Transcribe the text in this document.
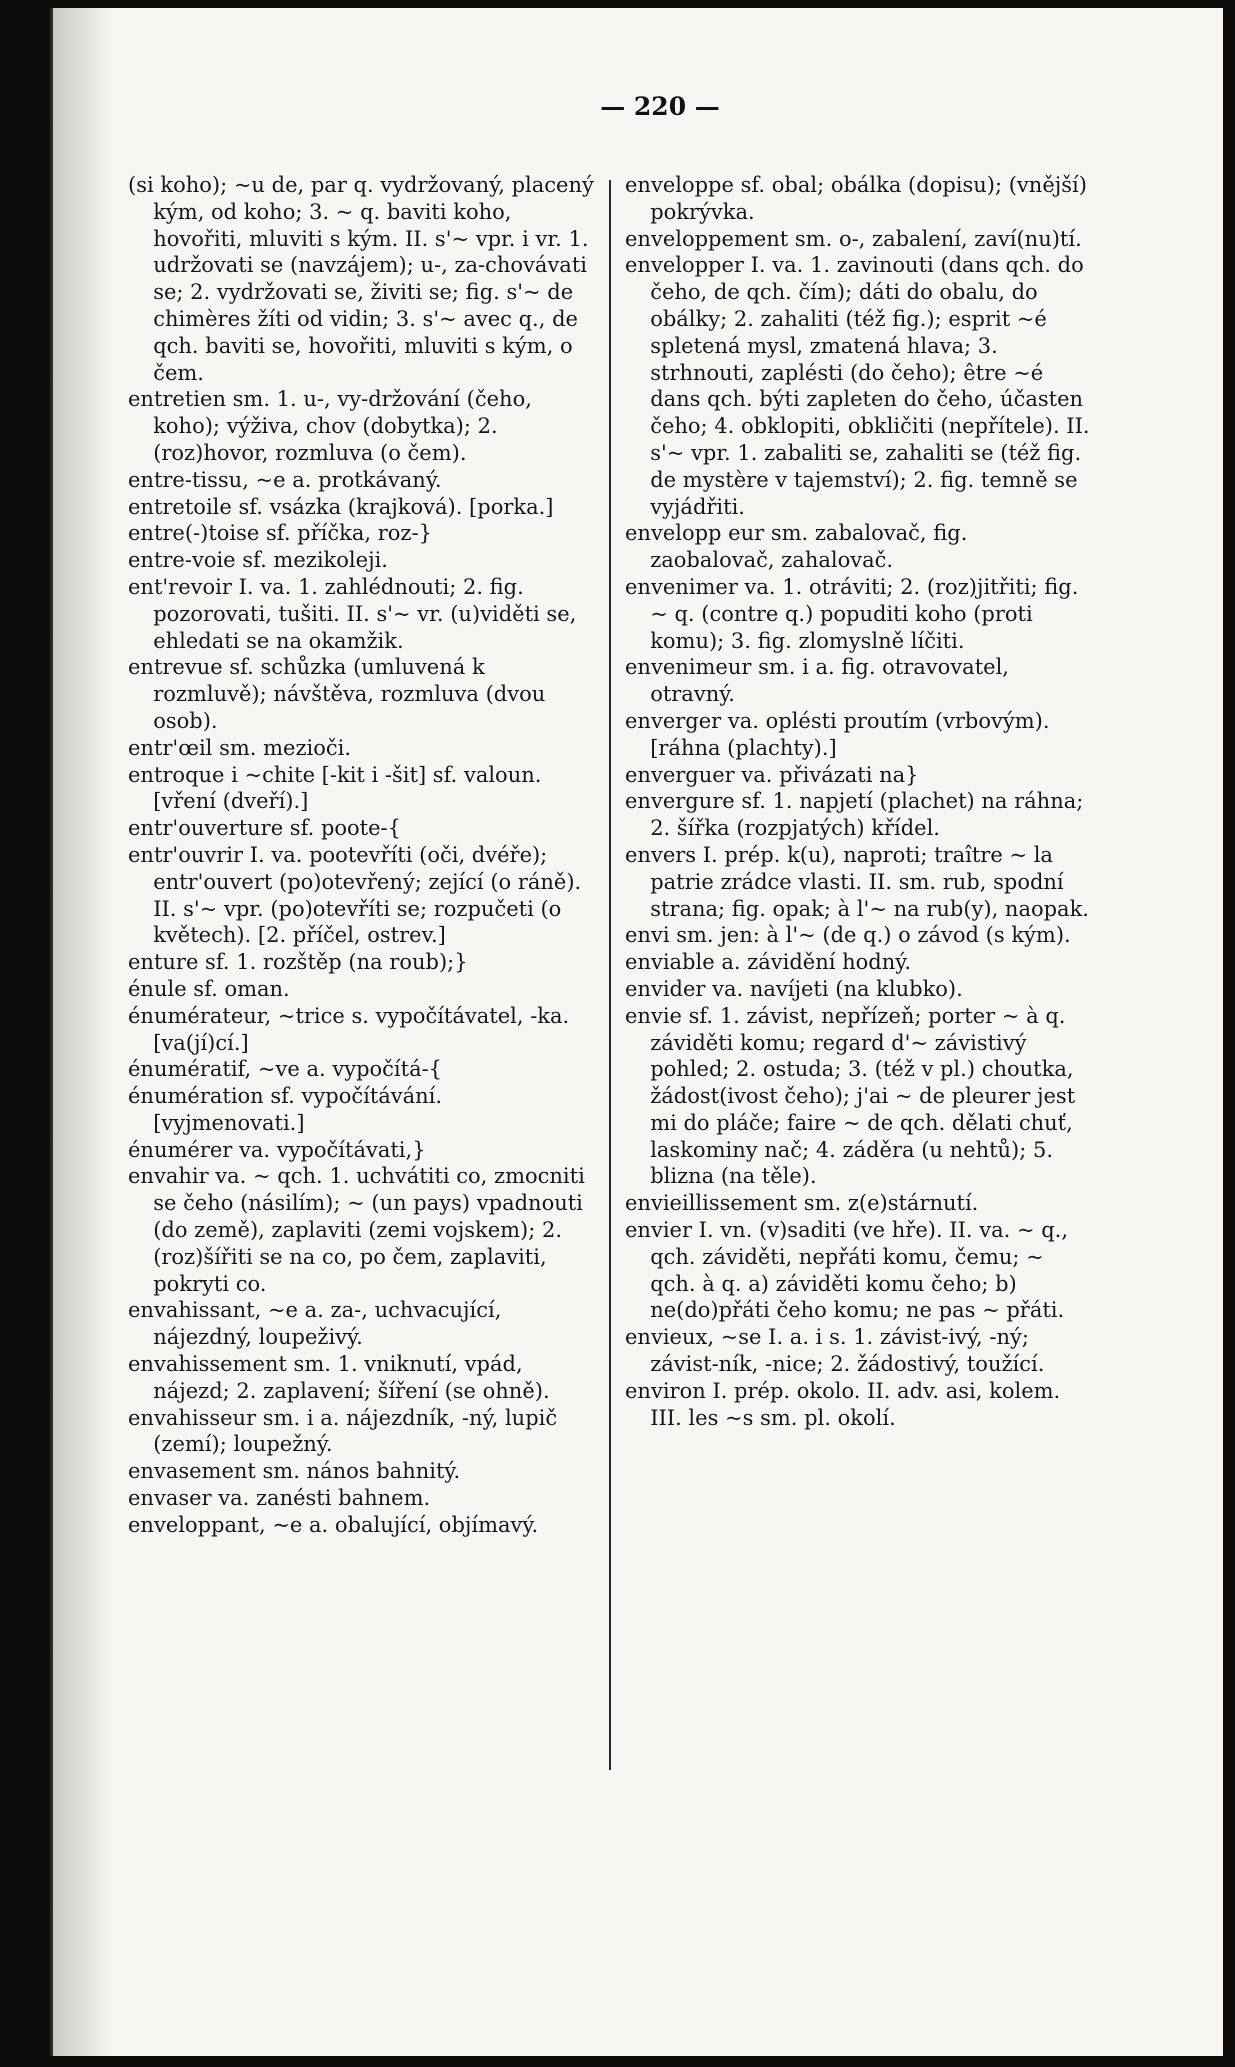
— 220 —

(si koho); ~u de, par q. vydržovaný, placený kým, od koho; 3. ~ q. baviti koho, hovořiti, mluviti s kým. II. s'~ vpr. i vr. 1. udržovati se (navzájem); u-, za-chovávati se; 2. vydržovati se, živiti se; fig. s'~ de chimères žíti od vidin; 3. s'~ avec q., de qch. baviti se, hovořiti, mluviti s kým, o čem.

entretien sm. 1. u-, vy-držování (čeho, koho); výživa, chov (dobytka); 2. (roz)hovor, rozmluva (o čem).

entre-tissu, ~e a. protkávaný.

entretoile sf. vsázka (krajková). [porka.]

entre(-)toise sf. příčka, roz-}

entre-voie sf. mezikoleji.

ent'revoir I. va. 1. zahlédnouti; 2. fig. pozorovati, tušiti. II. s'~ vr. (u)viděti se, ehledati se na okamžik.

entrevue sf. schůzka (umluvená k rozmluvě); návštěva, rozmluva (dvou osob).

entr'œil sm. mezioči.

entroque i ~chite [-kit i -šit] sf. valoun. [vření (dveří).]

entr'ouverture sf. poote-{

entr'ouvrir I. va. pootevříti (oči, dvéře); entr'ouvert (po)otevřený; zející (o ráně). II. s'~ vpr. (po)otevříti se; rozpučeti (o květech). [2. příčel, ostrev.]

enture sf. 1. rozštěp (na roub);}

énule sf. oman.

énumérateur, ~trice s. vypočítávatel, -ka. [va(jí)cí.]

énumératif, ~ve a. vypočítá-{

énumération sf. vypočítávání. [vyjmenovati.]

énumérer va. vypočítávati,}

envahir va. ~ qch. 1. uchvátiti co, zmocniti se čeho (násilím); ~ (un pays) vpadnouti (do země), zaplaviti (zemi vojskem); 2. (roz)šířiti se na co, po čem, zaplaviti, pokryti co.

envahissant, ~e a. za-, uchvacující, nájezdný, loupeživý.

envahissement sm. 1. vniknutí, vpád, nájezd; 2. zaplavení; šíření (se ohně).

envahisseur sm. i a. nájezdník, -ný, lupič (zemí); loupežný.

envasement sm. nános bahnitý.

envaser va. zanésti bahnem.

enveloppant, ~e a. obalující, objímavý.

enveloppe sf. obal; obálka (dopisu); (vnější) pokrývka.

enveloppement sm. o-, zabalení, zaví(nu)tí.

envelopper I. va. 1. zavinouti (dans qch. do čeho, de qch. čím); dáti do obalu, do obálky; 2. zahaliti (též fig.); esprit ~é spletená mysl, zmatená hlava; 3. strhnouti, zaplésti (do čeho); être ~é dans qch. býti zapleten do čeho, účasten čeho; 4. obklopiti, obkličiti (nepřítele). II. s'~ vpr. 1. zabaliti se, zahaliti se (též fig. de mystère v tajemství); 2. fig. temně se vyjádřiti.

envelopp eur sm. zabalovač, fig. zaobalovač, zahalovač.

envenimer va. 1. otráviti; 2. (roz)jitřiti; fig. ~ q. (contre q.) popuditi koho (proti komu); 3. fig. zlomyslně líčiti.

envenimeur sm. i a. fig. otravovatel, otravný.

enverger va. oplésti proutím (vrbovým). [ráhna (plachty).]

enverguer va. přivázati na}

envergure sf. 1. napjetí (plachet) na ráhna; 2. šířka (rozpjatých) křídel.

envers I. prép. k(u), naproti; traître ~ la patrie zrádce vlasti. II. sm. rub, spodní strana; fig. opak; à l'~ na rub(y), naopak.

envi sm. jen: à l'~ (de q.) o závod (s kým).

enviable a. závidění hodný.

envider va. navíjeti (na klubko).

envie sf. 1. závist, nepřízeň; porter ~ à q. záviděti komu; regard d'~ závistivý pohled; 2. ostuda; 3. (též v pl.) choutka, žádost(ivost čeho); j'ai ~ de pleurer jest mi do pláče; faire ~ de qch. dělati chuť, laskominy nač; 4. záděra (u nehtů); 5. blizna (na těle).

envieillissement sm. z(e)stárnutí.

envier I. vn. (v)saditi (ve hře). II. va. ~ q., qch. záviděti, nepřáti komu, čemu; ~ qch. à q. a) záviděti komu čeho; b) ne(do)přáti čeho komu; ne pas ~ přáti.

envieux, ~se I. a. i s. 1. závist-ivý, -ný; závist-ník, -nice; 2. žádostivý, toužící.

environ I. prép. okolo. II. adv. asi, kolem. III. les ~s sm. pl. okolí.
